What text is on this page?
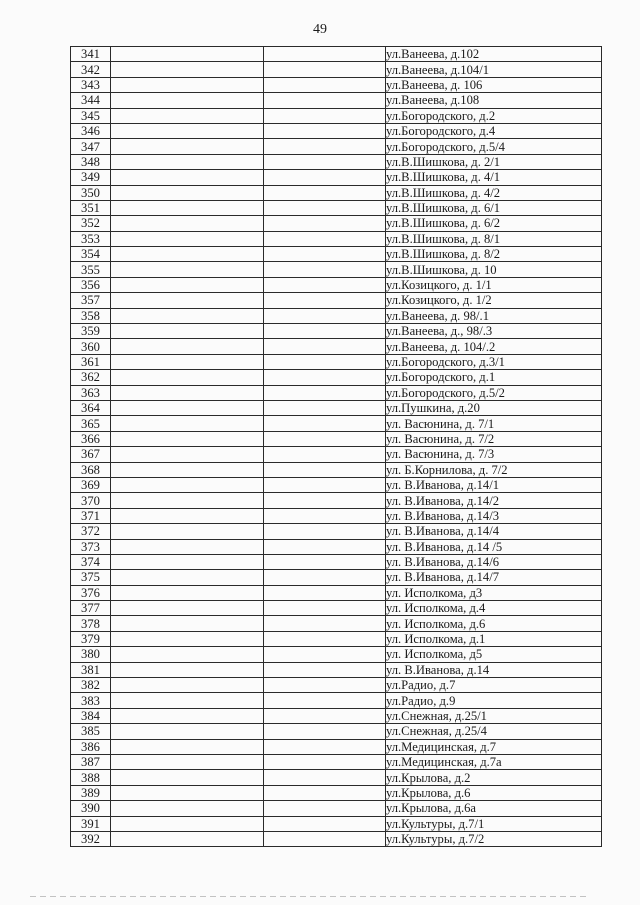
49
341			ул.Ванеева, д.102
342			ул.Ванеева, д.104/1
343			ул.Ванеева, д. 106
344			ул.Ванеева, д.108
345			ул.Богородского, д.2
346			ул.Богородского, д.4
347			ул.Богородского, д.5/4
348			ул.В.Шишкова, д. 2/1
349			ул.В.Шишкова, д. 4/1
350			ул.В.Шишкова, д. 4/2
351			ул.В.Шишкова, д. 6/1
352			ул.В.Шишкова, д. 6/2
353			ул.В.Шишкова, д. 8/1
354			ул.В.Шишкова, д. 8/2
355			ул.В.Шишкова, д. 10
356			ул.Козицкого, д. 1/1
357			ул.Козицкого, д. 1/2
358			ул.Ванеева, д. 98/.1
359			ул.Ванеева, д., 98/.3
360			ул.Ванеева, д. 104/.2
361			ул.Богородского, д.3/1
362			ул.Богородского, д.1
363			ул.Богородского, д.5/2
364			ул.Пушкина, д.20
365			ул. Васюнина, д. 7/1
366			ул. Васюнина, д. 7/2
367			ул. Васюнина, д. 7/3
368			ул. Б.Корнилова, д. 7/2
369			ул. В.Иванова, д.14/1
370			ул. В.Иванова, д.14/2
371			ул. В.Иванова, д.14/3
372			ул. В.Иванова, д.14/4
373			ул. В.Иванова, д.14 /5
374			ул. В.Иванова, д.14/6
375			ул. В.Иванова, д.14/7
376			ул. Исполкома, д3
377			ул. Исполкома, д.4
378			ул. Исполкома, д.6
379			ул. Исполкома, д.1
380			ул. Исполкома, д5
381			ул. В.Иванова, д.14
382			ул.Радио, д.7
383			ул.Радио, д.9
384			ул.Снежная, д.25/1
385			ул.Снежная, д.25/4
386			ул.Медицинская, д.7
387			ул.Медицинская, д.7а
388			ул.Крылова, д.2
389			ул.Крылова, д.6
390			ул.Крылова, д.6а
391			ул.Культуры, д.7/1
392			ул.Культуры, д.7/2
